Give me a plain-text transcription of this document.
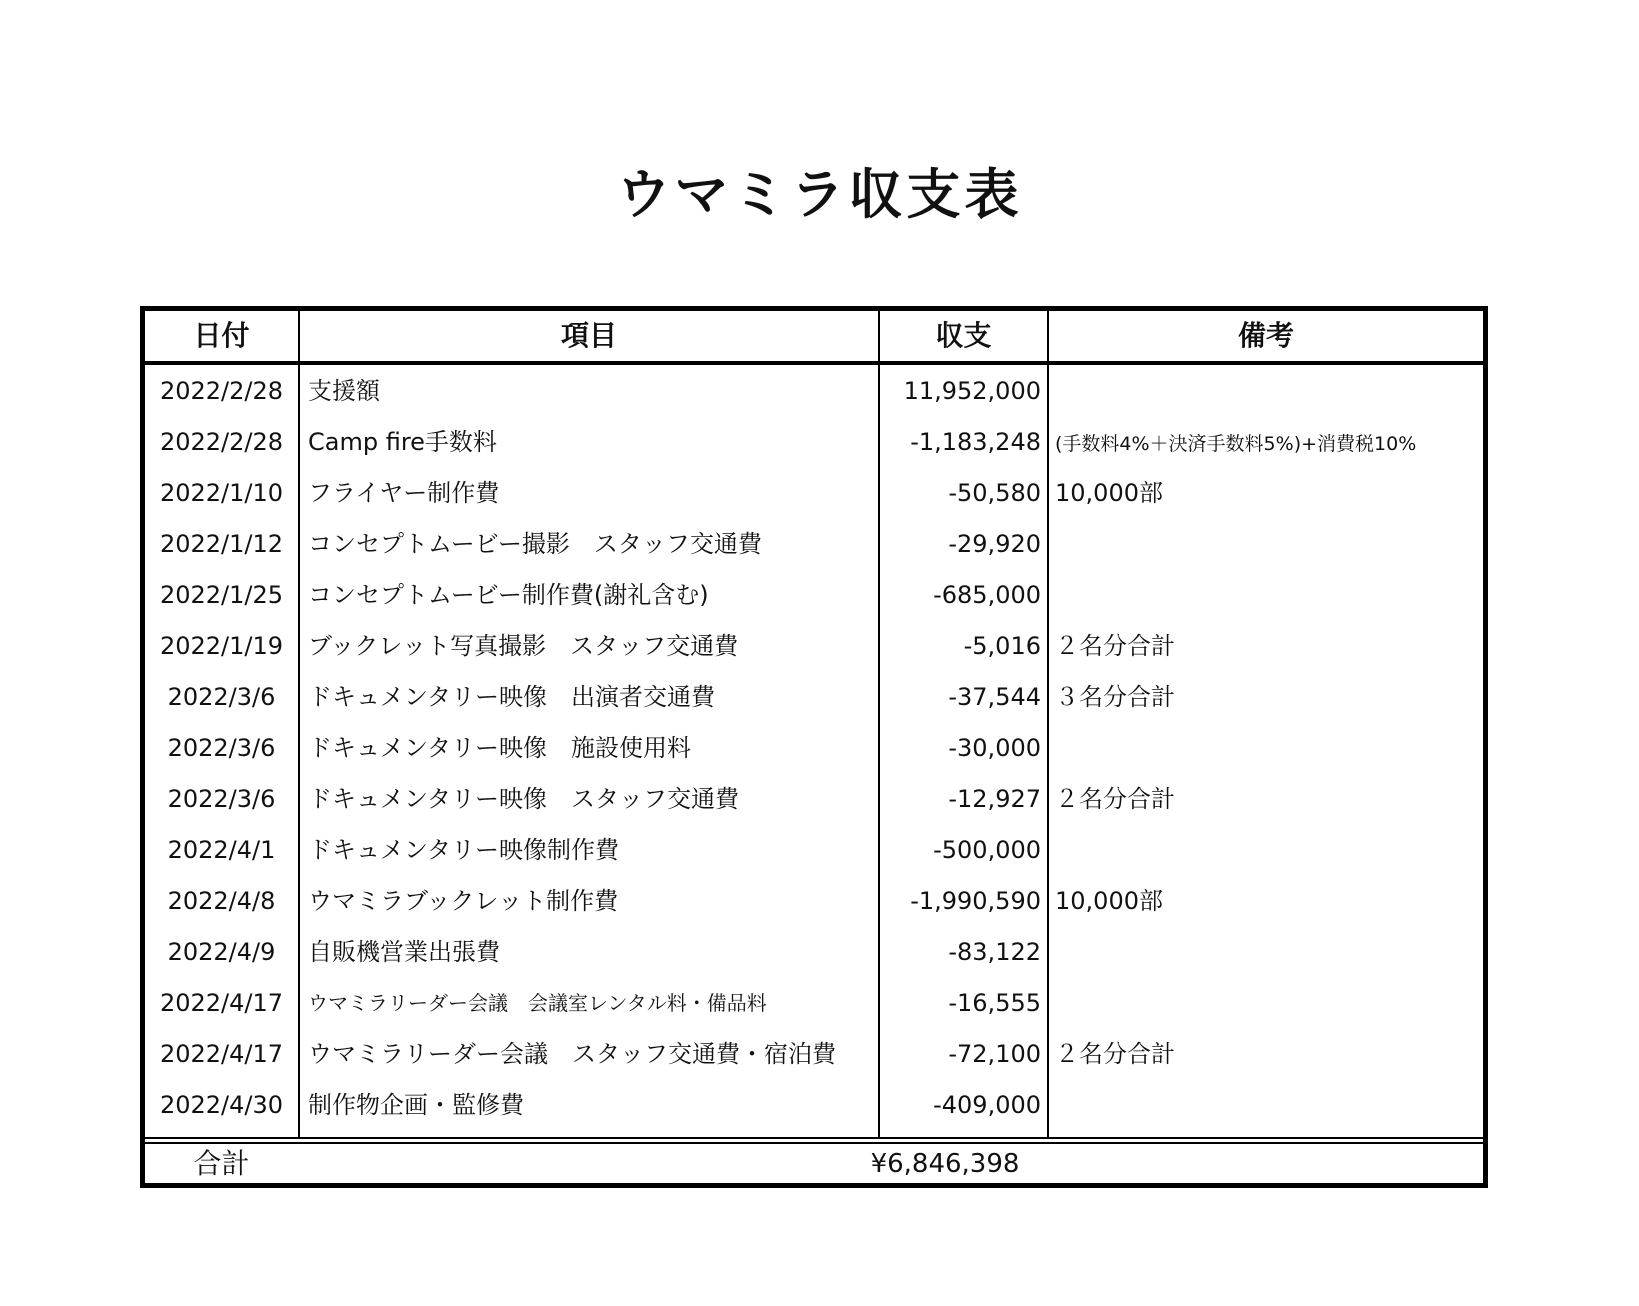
ウマミラ収支表
日付	項目	収支	備考
2022/2/28	支援額	11,952,000
2022/2/28	Camp fire手数料	-1,183,248 (手数料4%＋決済手数料5%)+消費税10%
2022/1/10	フライヤー制作費	-50,580 10,000部
2022/1/12	コンセプトムービー撮影　スタッフ交通費	-29,920
2022/1/25	コンセプトムービー制作費(謝礼含む)	-685,000
2022/1/19	ブックレット写真撮影　スタッフ交通費	-5,016 ２名分合計
2022/3/6	ドキュメンタリー映像　出演者交通費	-37,544 ３名分合計
2022/3/6	ドキュメンタリー映像　施設使用料	-30,000
2022/3/6	ドキュメンタリー映像　スタッフ交通費	-12,927 ２名分合計
2022/4/1	ドキュメンタリー映像制作費	-500,000
2022/4/8	ウマミラブックレット制作費	-1,990,590 10,000部
2022/4/9	自販機営業出張費	-83,122
2022/4/17	ウマミラリーダー会議　会議室レンタル料・備品料	-16,555
2022/4/17	ウマミラリーダー会議　スタッフ交通費・宿泊費	-72,100 ２名分合計
2022/4/30	制作物企画・監修費	-409,000
合計	¥6,846,398
